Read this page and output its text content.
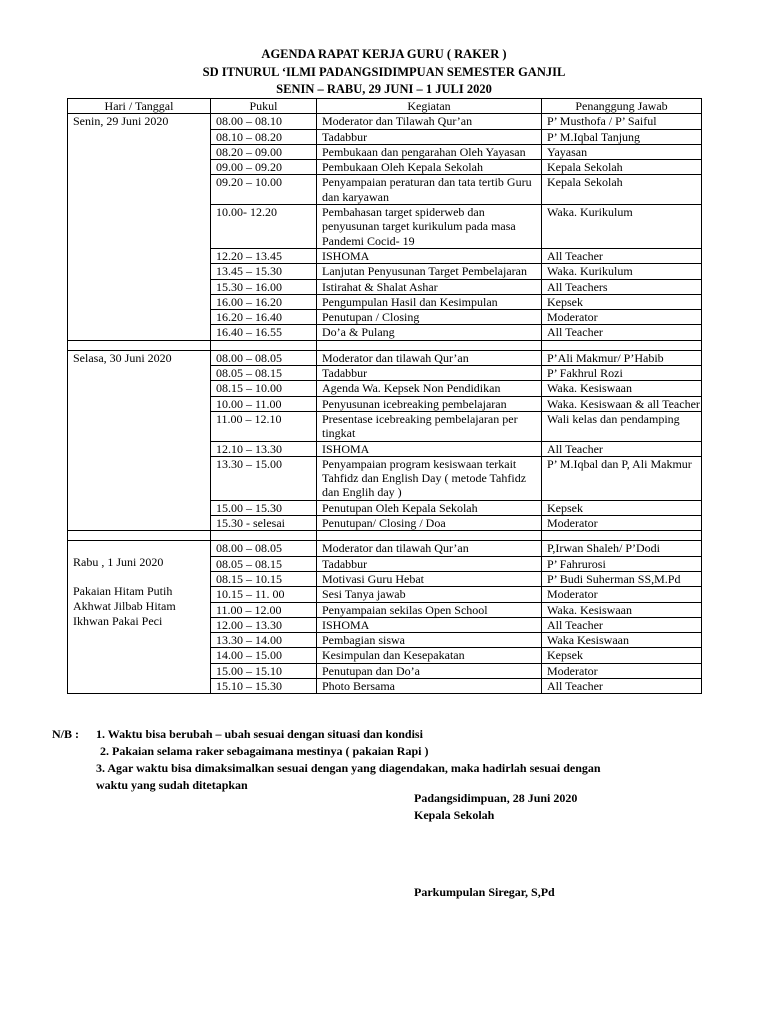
AGENDA RAPAT KERJA GURU ( RAKER )
SD ITNURUL ‘ILMI PADANGSIDIMPUAN SEMESTER GANJIL
SENIN – RABU, 29 JUNI – 1 JULI 2020
Hari / Tanggal	Pukul	Kegiatan	Penanggung Jawab

Senin, 29 Juni 2020	08.00 – 08.10	Moderator dan Tilawah Qur’an	P’ Musthofa / P’ Saiful
	08.10 – 08.20	Tadabbur	P’ M.Iqbal Tanjung
	08.20 – 09.00	Pembukaan dan pengarahan Oleh Yayasan	Yayasan
	09.00 – 09.20	Pembukaan Oleh Kepala Sekolah	Kepala Sekolah
	09.20 – 10.00	Penyampaian peraturan dan tata tertib Guru dan karyawan	Kepala Sekolah
	10.00- 12.20	Pembahasan target spiderweb dan penyusunan target kurikulum pada masa Pandemi Cocid- 19	Waka. Kurikulum
	12.20 – 13.45	ISHOMA	All Teacher
	13.45 – 15.30	Lanjutan Penyusunan Target Pembelajaran	Waka. Kurikulum
	15.30 – 16.00	Istirahat & Shalat Ashar	All Teachers
	16.00 – 16.20	Pengumpulan Hasil dan Kesimpulan	Kepsek
	16.20 – 16.40	Penutupan / Closing	Moderator
	16.40 – 16.55	Do’a & Pulang	All Teacher

Selasa, 30 Juni 2020	08.00 – 08.05	Moderator dan tilawah Qur’an	P’Ali Makmur/ P’Habib
	08.05 – 08.15	Tadabbur	P’ Fakhrul Rozi
	08.15 – 10.00	Agenda Wa. Kepsek Non Pendidikan	Waka. Kesiswaan
	10.00 – 11.00	Penyusunan icebreaking pembelajaran	Waka. Kesiswaan & all Teacher
	11.00 – 12.10	Presentase icebreaking pembelajaran per tingkat	Wali kelas dan pendamping
	12.10 – 13.30	ISHOMA	All Teacher
	13.30 – 15.00	Penyampaian program kesiswaan terkait Tahfidz dan English Day ( metode Tahfidz dan Englih day )	P’ M.Iqbal dan P, Ali Makmur
	15.00 – 15.30	Penutupan Oleh Kepala Sekolah	Kepsek
	15.30 - selesai	Penutupan/ Closing / Doa	Moderator

Rabu , 1 Juni 2020
Pakaian Hitam Putih
Akhwat Jilbab Hitam
Ikhwan Pakai Peci	08.00 – 08.05	Moderator dan tilawah Qur’an	P,Irwan Shaleh/ P’Dodi
	08.05 – 08.15	Tadabbur	P’ Fahrurosi
	08.15 – 10.15	Motivasi Guru Hebat	P’ Budi Suherman SS,M.Pd
	10.15 – 11. 00	Sesi Tanya jawab	Moderator
	11.00 – 12.00	Penyampaian sekilas Open School	Waka. Kesiswaan
	12.00 – 13.30	ISHOMA	All Teacher
	13.30 – 14.00	Pembagian siswa	Waka Kesiswaan
	14.00 – 15.00	Kesimpulan dan Kesepakatan	Kepsek
	15.00 – 15.10	Penutupan dan Do’a	Moderator
	15.10 – 15.30	Photo Bersama	All Teacher
N/B :	1. Waktu bisa berubah – ubah sesuai dengan situasi dan kondisi
2. Pakaian selama raker sebagaimana mestinya ( pakaian Rapi )
3. Agar waktu bisa dimaksimalkan sesuai dengan yang diagendakan, maka hadirlah sesuai dengan
waktu yang sudah ditetapkan
Padangsidimpuan, 28 Juni 2020
Kepala Sekolah
Parkumpulan Siregar, S,Pd
